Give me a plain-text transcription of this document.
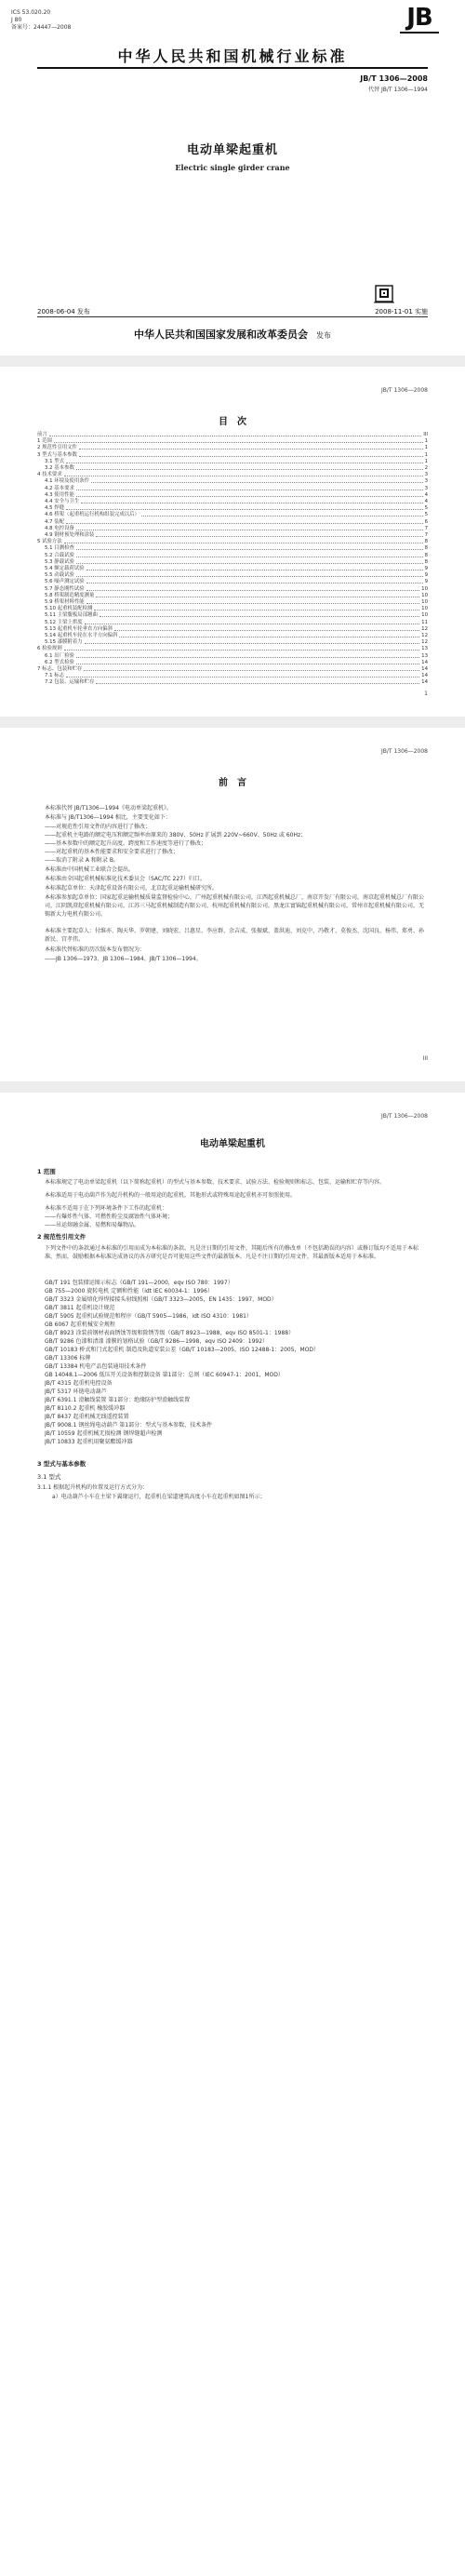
ICS 53.020.20
J 80
备案号：24447—2008	JB
中华人民共和国机械行业标准
JB/T 1306—2008
代替 JB/T 1306—1994
电动单梁起重机
Electric single girder crane
2008-06-04 发布	2008-11-01 实施
中华人民共和国国家发展和改革委员会 发布
JB/T 1306—2008
目　次
前言	III
1 范围	1
2 规范性引用文件	1
3 型式与基本参数	1
3.1 型式	1
3.2 基本参数	2
4 技术要求	3
4.1 环境及使用条件	3
4.2 基本要求	3
4.3 使用性能	4
4.4 安全与卫生	4
4.5 焊缝	5
4.6 桥架（起重机运行机构组装完成以后）	5
4.7 装配	6
4.8 电控设备	7
4.9 钢材预处理和涂装	7
5 试验方法	8
5.1 目测检查	8
5.2 合载试验	8
5.3 静载试验	8
5.4 额定载荷试验	9
5.5 动载试验	9
5.6 噪声测定试验	9
5.7 静态刚性试验	10
5.8 桥架制造精度测量	10
5.9 桥架材料性能	10
5.10 起重机装配检测	10
5.11 主梁腹板局部翘曲	10
5.12 主梁上拱度	11
5.13 起重机车轮垂直方向偏斜	12
5.14 起重机车轮在水平方向偏斜	12
5.15 漆膜附着力	12
6 检验规则	13
6.1 出厂检验	13
6.2 型式检验	14
7 标志、包装和贮存	14
7.1 标志	14
7.2 包装、运输和贮存	14
1
JB/T 1306—2008
前　言
本标准代替 JB/T1306—1994《电动单梁起重机》。
本标准与 JB/T1306—1994 相比，主要变化如下：
——对规范性引用文件的内容进行了修改；
——起重机主电路的额定电压和额定频率由原来的 380V、50Hz 扩展到 220V~660V、50Hz 或 60Hz；
——基本参数中的额定起升高度，跨度和工作速度等进行了修改；
——对起重机的基本性能要求和安全要求进行了修改；
——取消了附录 A 和附录 B。
本标准由中国机械工业联合会提出。
本标准由全国起重机械标准化技术委员会（SAC/TC 227）归口。
本标准起草单位：天津起重设备有限公司，北京起重运输机械研究所。
本标准参加起草单位：国家起重运输机械质量监督检验中心，广州起重机械有限公司，江西起重机械总厂，南京开发厂有限公司，南京起重机械总厂有限公司，江阴凯澄起重机械有限公司，江苏三马起重机械制造有限公司，杭州起重机械有限公司，黑龙江富锦起重机械有限公司，常州市起重机械有限公司，无锡新大力电机有限公司。
本标准主要起草人：付维亦、陶天华、罗朝建、刘晓宏、吕惠星、李应群、余吉成、张振斌、盖洪迪、刘克中、冯敬才、莫俊杰、沈国良、杨伟、郑勇、孙新民、宫孝伟。
本标准代替标准的历次版本发布情况为：
——JB 1306—1973、JB 1306—1984、JB/T 1306—1994。
III
JB/T 1306—2008
电动单梁起重机
1 范围
本标准规定了电动单梁起重机（以下简称起重机）的型式与基本参数、技术要求、试验方法、检验规则和标志、包装、运输和贮存等内容。
本标准适用于电动葫芦作为起升机构的一般用途的起重机，其他形式或特殊用途起重机亦可参照使用。
本标准不适用于在下列环境条件下工作的起重机：
——有爆炸性气体、可燃性粉尘及腐蚀性气体环境；
——吊运熔融金属、易燃和易爆物品。
2 规范性引用文件
下列文件中的条款通过本标准的引用而成为本标准的条款。凡是注日期的引用文件，其随后所有的修改单（不包括勘误的内容）或修订版均不适用于本标准，然而，鼓励根据本标准达成协议的各方研究是否可使用这些文件的最新版本。凡是不注日期的引用文件，其最新版本适用于本标准。
GB/T 191 包装储运图示标志（GB/T 191—2000，eqv ISO 780：1997）
GB 755—2000 旋转电机 定额和性能（idt IEC 60034-1：1996）
GB/T 3323 金属熔化焊焊接接头射线照相（GB/T 3323—2005，EN 1435：1997，MOD）
GB/T 3811 起重机设计规范
GB/T 5905 起重机试验规范和程序（GB/T 5905—1986，idt ISO 4310：1981）
GB 6067 起重机械安全规程
GB/T 8923 涂装前钢材表面锈蚀等级和除锈等级（GB/T 8923—1988，eqv ISO 8501-1：1988）
GB/T 9286 色漆和清漆 漆膜的划格试验（GB/T 9286—1998，eqv ISO 2409：1992）
GB/T 10183 桥式和门式起重机 制造及轨道安装公差（GB/T 10183—2005，ISO 12488-1：2005，MOD）
GB/T 13306 标牌
GB/T 13384 机电产品包装通用技术条件
GB 14048.1—2006 低压开关设备和控制设备 第1部分：总则（IEC 60947-1：2001，MOD）
JB/T 4315 起重机电控设备
JB/T 5317 环链电动葫芦
JB/T 6391.1 滑触线装置 第1部分：绝缘防护型滑触线装置
JB/T 8110.2 起重机 橡胶缓冲器
JB/T 8437 起重机械无线遥控装置
JB/T 9008.1 钢丝绳电动葫芦 第1部分：型式与基本参数、技术条件
JB/T 10559 起重机械无损检测 钢焊缝超声检测
JB/T 10833 起重机用聚氨酯缓冲器
3 型式与基本参数
3.1 型式
3.1.1 根据起升机构的位置及运行方式分为：
a）电动葫芦小车在主梁下翼缘运行，起重机在梁道建筑高度小车在起重机如图1所示；
